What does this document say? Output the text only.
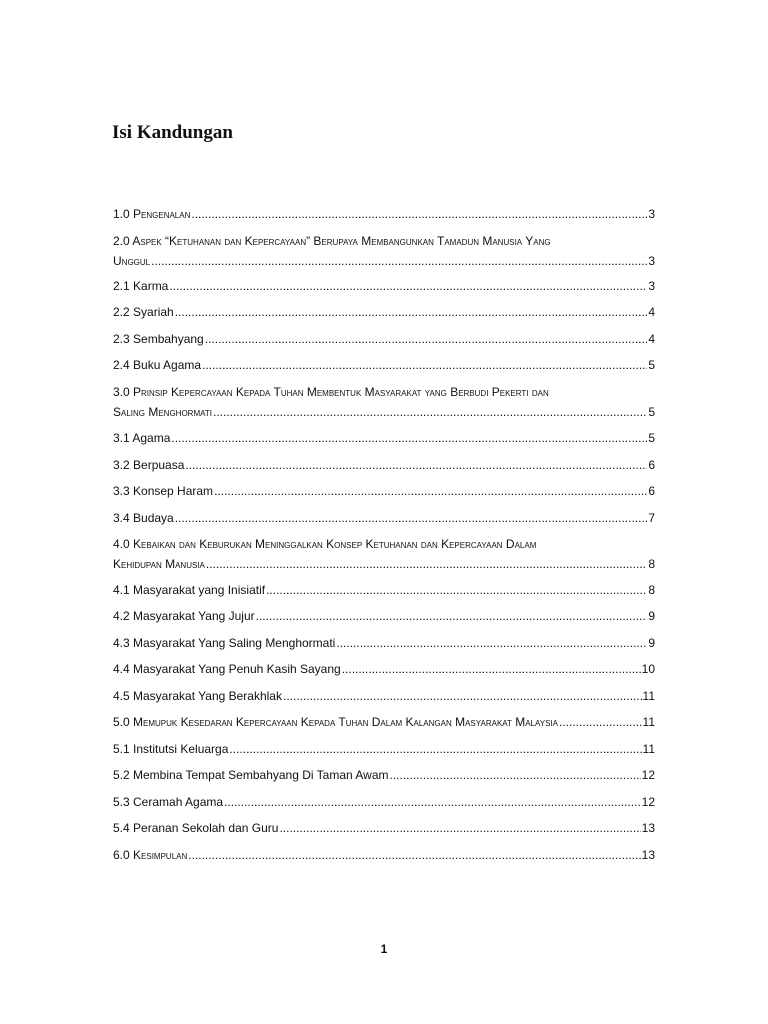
Isi Kandungan
1.0 Pengenalan .....	3
2.0 Aspek “Ketuhanan dan Kepercayaan” Berupaya Membangunkan Tamadun Manusia Yang
Unggul .....	3
2.1 Karma .....	3
2.2 Syariah .....	4
2.3 Sembahyang .....	4
2.4 Buku Agama .....	5
3.0 Prinsip Kepercayaan Kepada Tuhan Membentuk Masyarakat yang Berbudi Pekerti dan
Saling Menghormati .....	5
3.1 Agama .....	5
3.2 Berpuasa .....	6
3.3 Konsep Haram .....	6
3.4 Budaya .....	7
4.0 Kebaikan dan Keburukan Meninggalkan Konsep Ketuhanan dan Kepercayaan Dalam
Kehidupan Manusia .....	8
4.1 Masyarakat yang Inisiatif .....	8
4.2 Masyarakat Yang Jujur .....	9
4.3 Masyarakat Yang Saling Menghormati .....	9
4.4 Masyarakat Yang Penuh Kasih Sayang .....	10
4.5 Masyarakat Yang Berakhlak .....	11
5.0 Memupuk Kesedaran Kepercayaan Kepada Tuhan Dalam Kalangan Masyarakat Malaysia .....	11
5.1 Institutsi Keluarga .....	11
5.2 Membina Tempat Sembahyang Di Taman Awam .....	12
5.3 Ceramah Agama .....	12
5.4 Peranan Sekolah dan Guru .....	13
6.0 Kesimpulan .....	13
1
